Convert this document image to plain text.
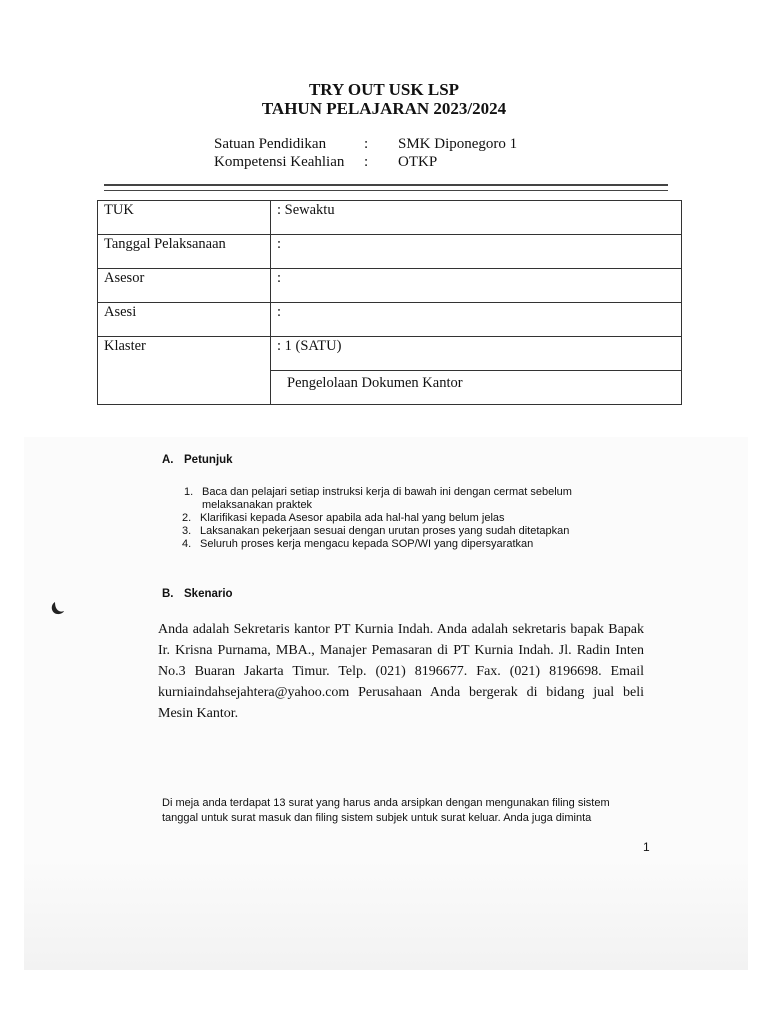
TRY OUT USK LSP
TAHUN PELAJARAN 2023/2024
Satuan Pendidikan	:	SMK Diponegoro 1
Kompetensi Keahlian	:	OTKP
TUK	: Sewaktu
Tanggal Pelaksanaan	:
Asesor	:
Asesi	:
Klaster	: 1 (SATU)
	Pengelolaan Dokumen Kantor
A. Petunjuk
1. Baca dan pelajari setiap instruksi kerja di bawah ini dengan cermat sebelum melaksanakan praktek
2. Klarifikasi kepada Asesor apabila ada hal-hal yang belum jelas
3. Laksanakan pekerjaan sesuai dengan urutan proses yang sudah ditetapkan
4. Seluruh proses kerja mengacu kepada SOP/WI yang dipersyaratkan
B. Skenario
Anda adalah Sekretaris kantor PT Kurnia Indah. Anda adalah sekretaris bapak Bapak Ir. Krisna Purnama, MBA., Manajer Pemasaran di PT Kurnia Indah. Jl. Radin Inten No.3 Buaran Jakarta Timur. Telp. (021) 8196677. Fax. (021) 8196698. Email kurniaindahsejahtera@yahoo.com Perusahaan Anda bergerak di bidang jual beli Mesin Kantor.
Di meja anda terdapat 13 surat yang harus anda arsipkan dengan mengunakan filing sistem tanggal untuk surat masuk dan filing sistem subjek untuk surat keluar. Anda juga diminta
1
